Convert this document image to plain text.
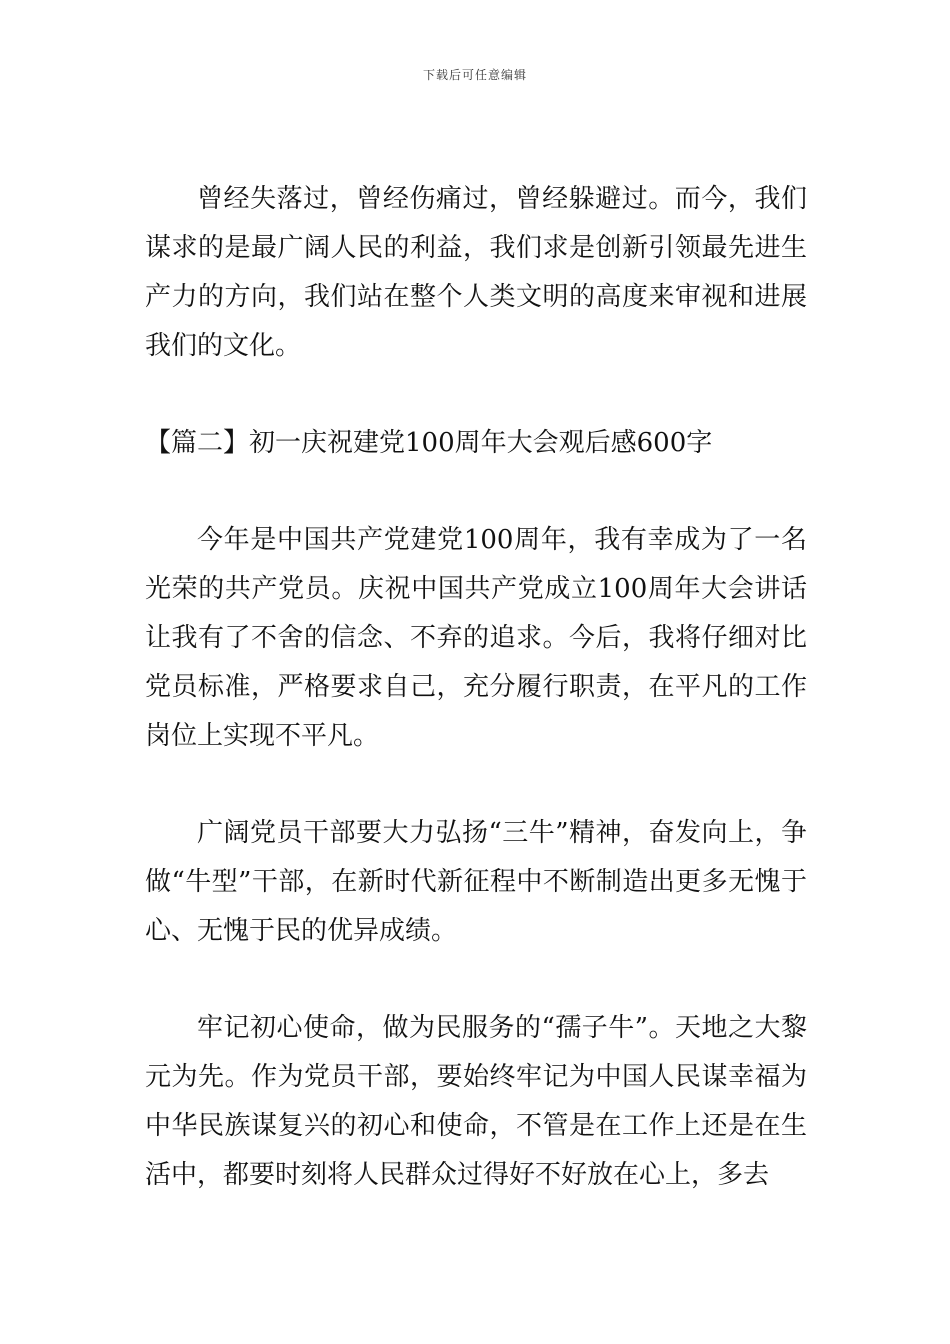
下载后可任意编辑

曾经失落过，曾经伤痛过，曾经躲避过。而今，我们谋求的是最广阔人民的利益，我们求是创新引领最先进生产力的方向，我们站在整个人类文明的高度来审视和进展我们的文化。

【篇二】初一庆祝建党100周年大会观后感600字

今年是中国共产党建党100周年，我有幸成为了一名光荣的共产党员。庆祝中国共产党成立100周年大会讲话让我有了不舍的信念、不弃的追求。今后，我将仔细对比党员标准，严格要求自己，充分履行职责，在平凡的工作岗位上实现不平凡。

广阔党员干部要大力弘扬“三牛”精神，奋发向上，争做“牛型”干部，在新时代新征程中不断制造出更多无愧于心、无愧于民的优异成绩。

牢记初心使命，做为民服务的“孺子牛”。天地之大黎元为先。作为党员干部，要始终牢记为中国人民谋幸福为中华民族谋复兴的初心和使命，不管是在工作上还是在生活中，都要时刻将人民群众过得好不好放在心上，多去
